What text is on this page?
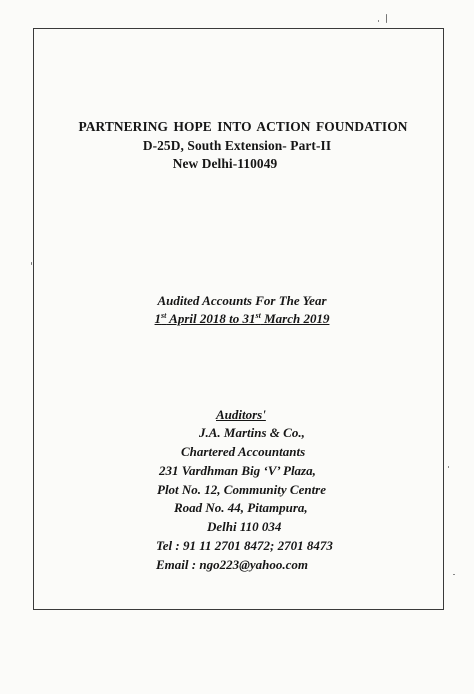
PARTNERING HOPE INTO ACTION FOUNDATION
D-25D, South Extension- Part-II
New Delhi-110049
Audited Accounts For The Year
1st April 2018 to 31st March 2019
Auditors'
J.A. Martins & Co.,
Chartered Accountants
231 Vardhman Big ‘V’ Plaza,
Plot No. 12, Community Centre
Road No. 44, Pitampura,
Delhi 110 034
Tel : 91 11 2701 8472; 2701 8473
Email : ngo223@yahoo.com
